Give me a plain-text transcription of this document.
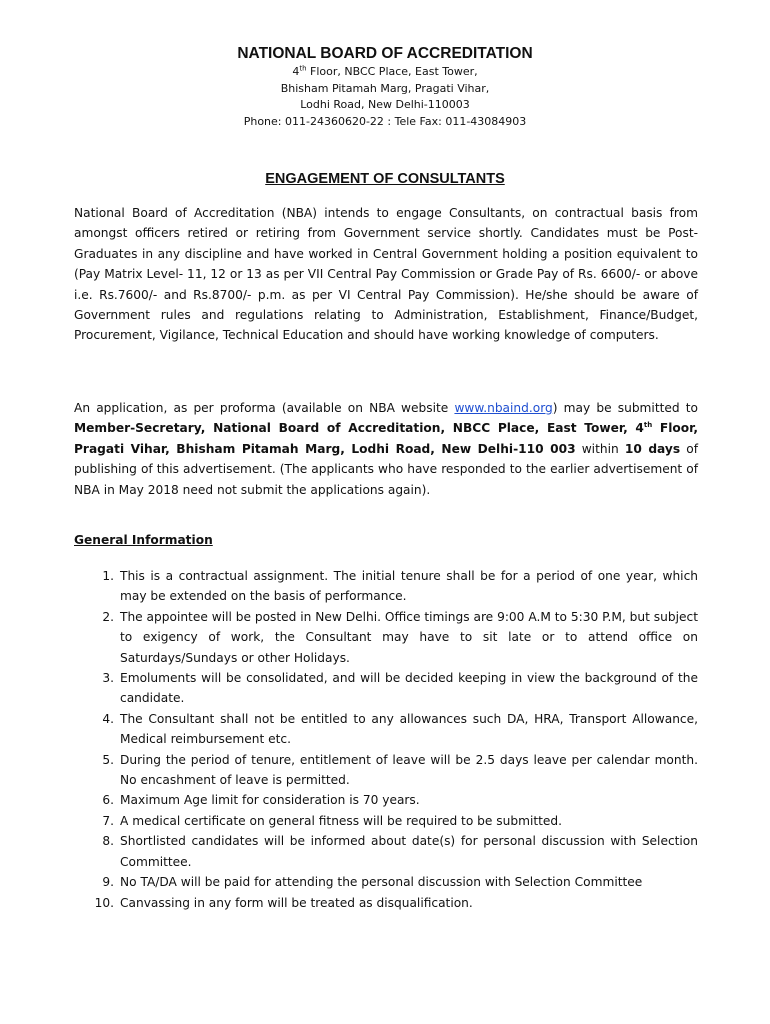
NATIONAL BOARD OF ACCREDITATION

4th Floor, NBCC Place, East Tower,

Bhisham Pitamah Marg, Pragati Vihar,

Lodhi Road, New Delhi-110003

Phone: 011-24360620-22 : Tele Fax: 011-43084903

ENGAGEMENT OF CONSULTANTS

National Board of Accreditation (NBA) intends to engage Consultants, on contractual basis from amongst officers retired or retiring from Government service shortly. Candidates must be Post-Graduates in any discipline and have worked in Central Government holding a position equivalent to (Pay Matrix Level- 11, 12 or 13 as per VII Central Pay Commission or Grade Pay of Rs. 6600/- or above i.e. Rs.7600/- and Rs.8700/- p.m. as per VI Central Pay Commission). He/she should be aware of Government rules and regulations relating to Administration, Establishment, Finance/Budget, Procurement, Vigilance, Technical Education and should have working knowledge of computers.

An application, as per proforma (available on NBA website www.nbaind.org) may be submitted to Member-Secretary, National Board of Accreditation, NBCC Place, East Tower, 4th Floor, Pragati Vihar, Bhisham Pitamah Marg, Lodhi Road, New Delhi-110 003 within 10 days of publishing of this advertisement. (The applicants who have responded to the earlier advertisement of NBA in May 2018 need not submit the applications again).

General Information
1. This is a contractual assignment. The initial tenure shall be for a period of one year, which may be extended on the basis of performance.
2. The appointee will be posted in New Delhi. Office timings are 9:00 A.M to 5:30 P.M, but subject to exigency of work, the Consultant may have to sit late or to attend office on Saturdays/Sundays or other Holidays.
3. Emoluments will be consolidated, and will be decided keeping in view the background of the candidate.
4. The Consultant shall not be entitled to any allowances such DA, HRA, Transport Allowance, Medical reimbursement etc.
5. During the period of tenure, entitlement of leave will be 2.5 days leave per calendar month. No encashment of leave is permitted.
6. Maximum Age limit for consideration is 70 years.
7. A medical certificate on general fitness will be required to be submitted.
8. Shortlisted candidates will be informed about date(s) for personal discussion with Selection Committee.
9. No TA/DA will be paid for attending the personal discussion with Selection Committee
10. Canvassing in any form will be treated as disqualification.
